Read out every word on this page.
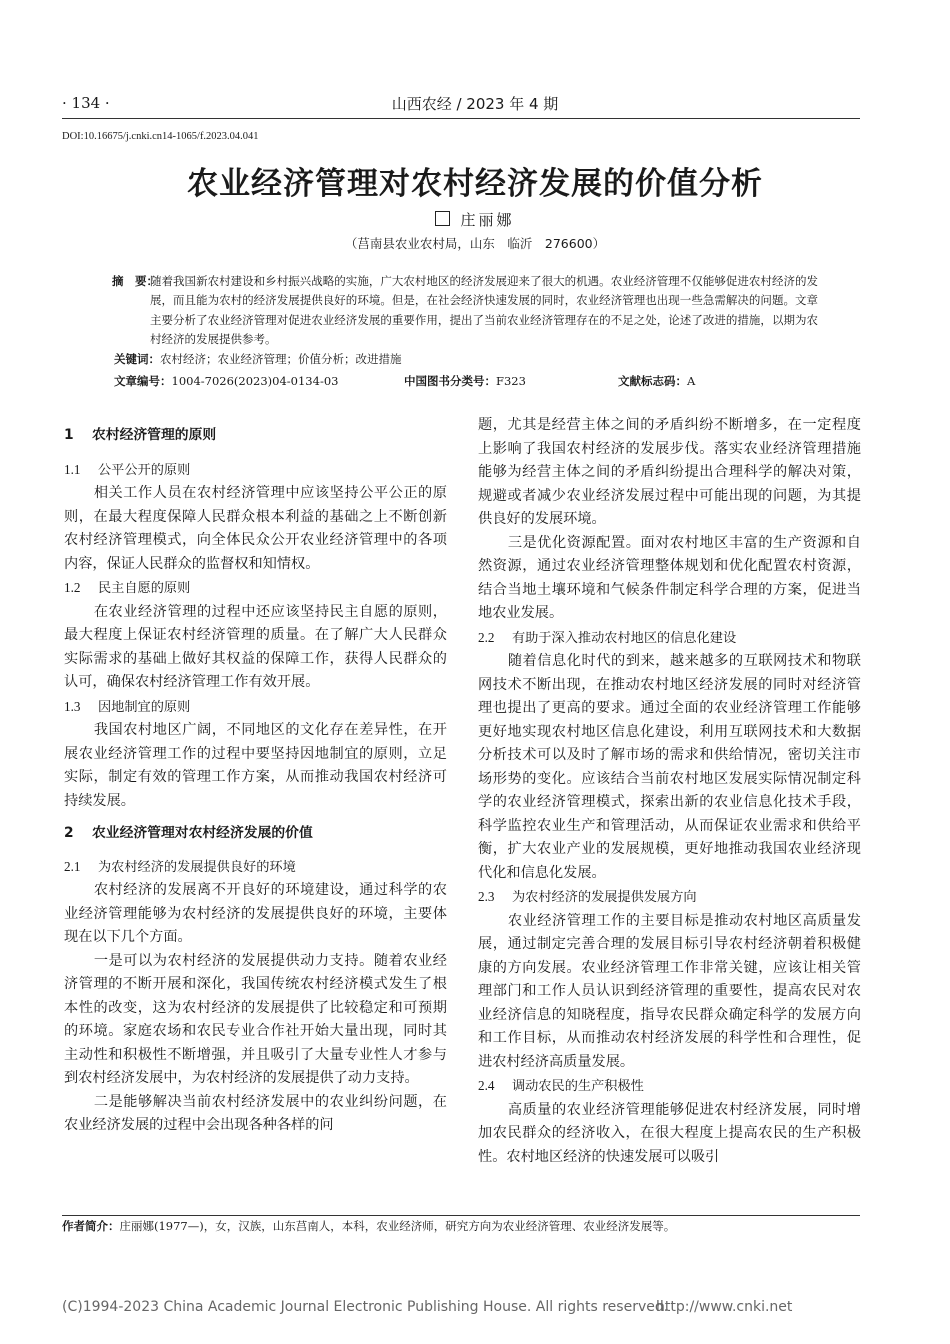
· 134 ·	山西农经 / 2023 年 4 期
DOI:10.16675/j.cnki.cn14-1065/f.2023.04.041
农业经济管理对农村经济发展的价值分析
庄丽娜
（莒南县农业农村局，山东　临沂　276600）
摘　要：
随着我国新农村建设和乡村振兴战略的实施，广大农村地区的经济发展迎来了很大的机遇。农业经济管理不仅能够促进农村经济的发展，而且能为农村的经济发展提供良好的环境。但是，在社会经济快速发展的同时，农业经济管理也出现一些急需解决的问题。文章主要分析了农业经济管理对促进农业经济发展的重要作用，提出了当前农业经济管理存在的不足之处，论述了改进的措施，以期为农村经济的发展提供参考。
关键词：农村经济；农业经济管理；价值分析；改进措施
文章编号：1004-7026(2023)04-0134-03	中国图书分类号：F323	文献标志码：A
1 农村经济管理的原则
1.1 公平公开的原则

相关工作人员在农村经济管理中应该坚持公平公正的原则，在最大程度保障人民群众根本利益的基础之上不断创新农村经济管理模式，向全体民众公开农业经济管理中的各项内容，保证人民群众的监督权和知情权。

1.2 民主自愿的原则

在农业经济管理的过程中还应该坚持民主自愿的原则，最大程度上保证农村经济管理的质量。在了解广大人民群众实际需求的基础上做好其权益的保障工作，获得人民群众的认可，确保农村经济管理工作有效开展。

1.3 因地制宜的原则

我国农村地区广阔，不同地区的文化存在差异性，在开展农业经济管理工作的过程中要坚持因地制宜的原则，立足实际，制定有效的管理工作方案，从而推动我国农村经济可持续发展。

2 农业经济管理对农村经济发展的价值
2.1 为农村经济的发展提供良好的环境

农村经济的发展离不开良好的环境建设，通过科学的农业经济管理能够为农村经济的发展提供良好的环境，主要体现在以下几个方面。

一是可以为农村经济的发展提供动力支持。随着农业经济管理的不断开展和深化，我国传统农村经济模式发生了根本性的改变，这为农村经济的发展提供了比较稳定和可预期的环境。家庭农场和农民专业合作社开始大量出现，同时其主动性和积极性不断增强，并且吸引了大量专业性人才参与到农村经济发展中，为农村经济的发展提供了动力支持。

二是能够解决当前农村经济发展中的农业纠纷问题，在农业经济发展的过程中会出现各种各样的问

题，尤其是经营主体之间的矛盾纠纷不断增多，在一定程度上影响了我国农村经济的发展步伐。落实农业经济管理措施能够为经营主体之间的矛盾纠纷提出合理科学的解决对策，规避或者减少农业经济发展过程中可能出现的问题，为其提供良好的发展环境。

三是优化资源配置。面对农村地区丰富的生产资源和自然资源，通过农业经济管理整体规划和优化配置农村资源，结合当地土壤环境和气候条件制定科学合理的方案，促进当地农业发展。

2.2 有助于深入推动农村地区的信息化建设

随着信息化时代的到来，越来越多的互联网技术和物联网技术不断出现，在推动农村地区经济发展的同时对经济管理也提出了更高的要求。通过全面的农业经济管理工作能够更好地实现农村地区信息化建设，利用互联网技术和大数据分析技术可以及时了解市场的需求和供给情况，密切关注市场形势的变化。应该结合当前农村地区发展实际情况制定科学的农业经济管理模式，探索出新的农业信息化技术手段，科学监控农业生产和管理活动，从而保证农业需求和供给平衡，扩大农业产业的发展规模，更好地推动我国农业经济现代化和信息化发展。

2.3 为农村经济的发展提供发展方向

农业经济管理工作的主要目标是推动农村地区高质量发展，通过制定完善合理的发展目标引导农村经济朝着积极健康的方向发展。农业经济管理工作非常关键，应该让相关管理部门和工作人员认识到经济管理的重要性，提高农民对农业经济信息的知晓程度，指导农民群众确定科学的发展方向和工作目标，从而推动农村经济发展的科学性和合理性，促进农村经济高质量发展。

2.4 调动农民的生产积极性

高质量的农业经济管理能够促进农村经济发展，同时增加农民群众的经济收入，在很大程度上提高农民的生产积极性。农村地区经济的快速发展可以吸引

作者简介：庄丽娜(1977—)，女，汉族，山东莒南人，本科，农业经济师，研究方向为农业经济管理、农业经济发展等。
(C)1994-2023 China Academic Journal Electronic Publishing House. All rights reserved.
http://www.cnki.net
